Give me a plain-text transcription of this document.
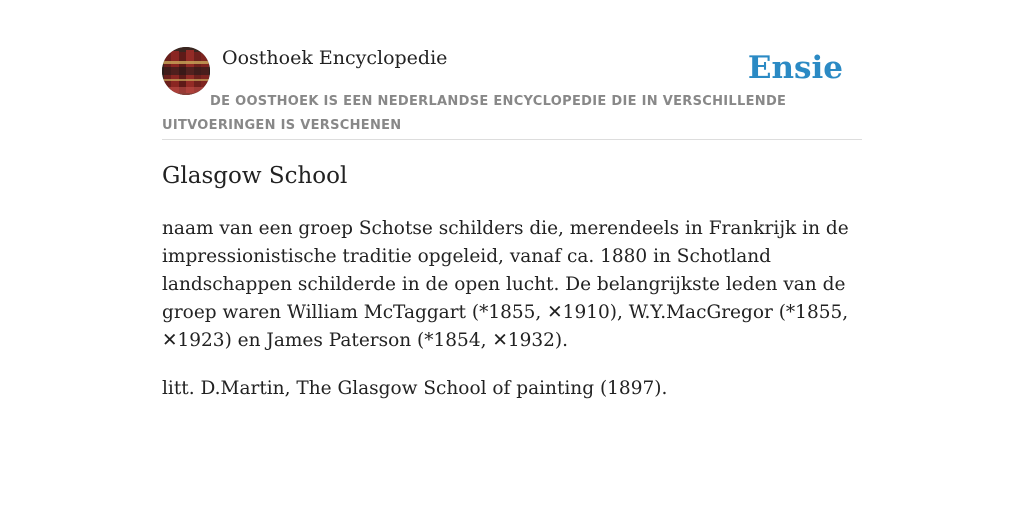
Oosthoek Encyclopedie	Ensie
DE OOSTHOEK IS EEN NEDERLANDSE ENCYCLOPEDIE DIE IN VERSCHILLENDE UITVOERINGEN IS VERSCHENEN
Glasgow School

naam van een groep Schotse schilders die, merendeels in Frankrijk in de impressionistische traditie opgeleid, vanaf ca. 1880 in Schotland landschappen schilderde in de open lucht. De belangrijkste leden van de groep waren William McTaggart (*1855, ✕1910), W.Y.MacGregor (*1855, ✕1923) en James Paterson (*1854, ✕1932).

litt. D.Martin, The Glasgow School of painting (1897).
